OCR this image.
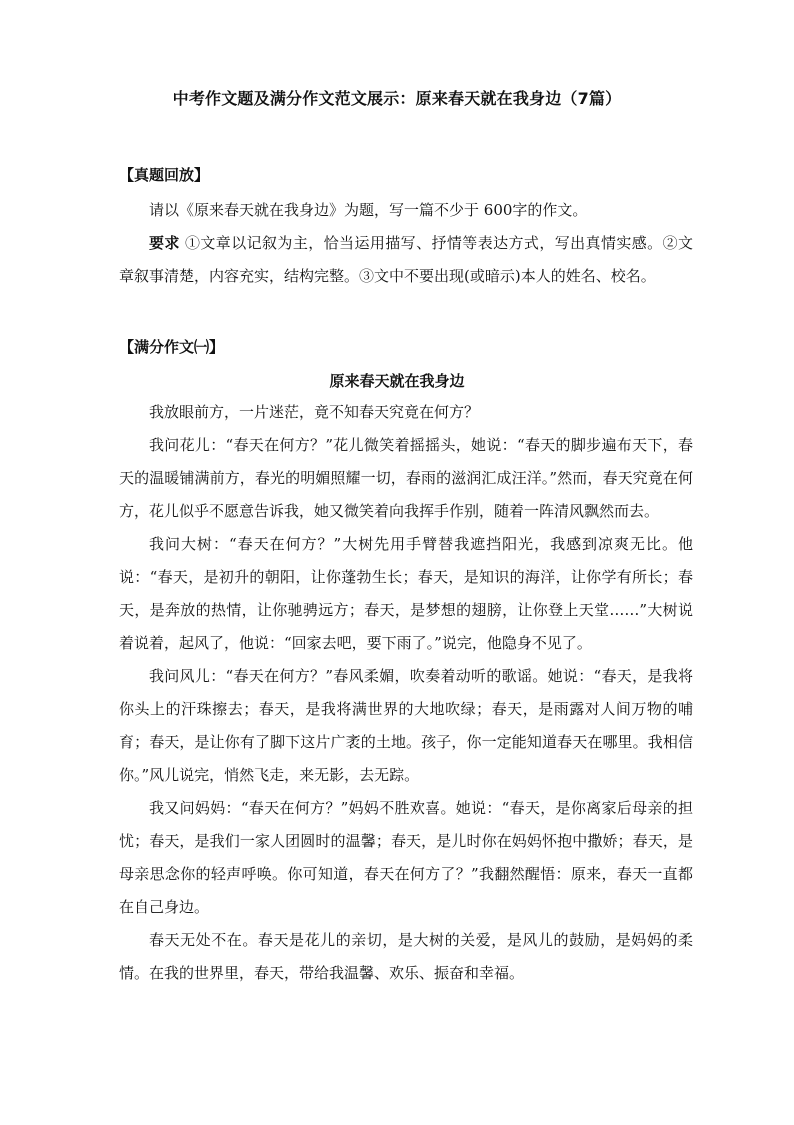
中考作文题及满分作文范文展示：原来春天就在我身边（7篇）
【真题回放】
请以《原来春天就在我身边》为题，写一篇不少于 600字的作文。
要求 ①文章以记叙为主，恰当运用描写、抒情等表达方式，写出真情实感。②文章叙事清楚，内容充实，结构完整。③文中不要出现(或暗示)本人的姓名、校名。
【满分作文㈠】
原来春天就在我身边
我放眼前方，一片迷茫，竟不知春天究竟在何方？
我问花儿：“春天在何方？”花儿微笑着摇摇头，她说：“春天的脚步遍布天下，春天的温暖铺满前方，春光的明媚照耀一切，春雨的滋润汇成汪洋。”然而，春天究竟在何方，花儿似乎不愿意告诉我，她又微笑着向我挥手作别，随着一阵清风飘然而去。
我问大树：“春天在何方？”大树先用手臂替我遮挡阳光，我感到凉爽无比。他说：“春天，是初升的朝阳，让你蓬勃生长；春天，是知识的海洋，让你学有所长；春天，是奔放的热情，让你驰骋远方；春天，是梦想的翅膀，让你登上天堂……”大树说着说着，起风了，他说：“回家去吧，要下雨了。”说完，他隐身不见了。
我问风儿：“春天在何方？”春风柔媚，吹奏着动听的歌谣。她说：“春天，是我将你头上的汗珠擦去；春天，是我将满世界的大地吹绿；春天，是雨露对人间万物的哺育；春天，是让你有了脚下这片广袤的土地。孩子，你一定能知道春天在哪里。我相信你。”风儿说完，悄然飞走，来无影，去无踪。
我又问妈妈：“春天在何方？”妈妈不胜欢喜。她说：“春天，是你离家后母亲的担忧；春天，是我们一家人团圆时的温馨；春天，是儿时你在妈妈怀抱中撒娇；春天，是母亲思念你的轻声呼唤。你可知道，春天在何方了？”我翻然醒悟：原来，春天一直都在自己身边。
春天无处不在。春天是花儿的亲切，是大树的关爱，是风儿的鼓励，是妈妈的柔情。在我的世界里，春天，带给我温馨、欢乐、振奋和幸福。
